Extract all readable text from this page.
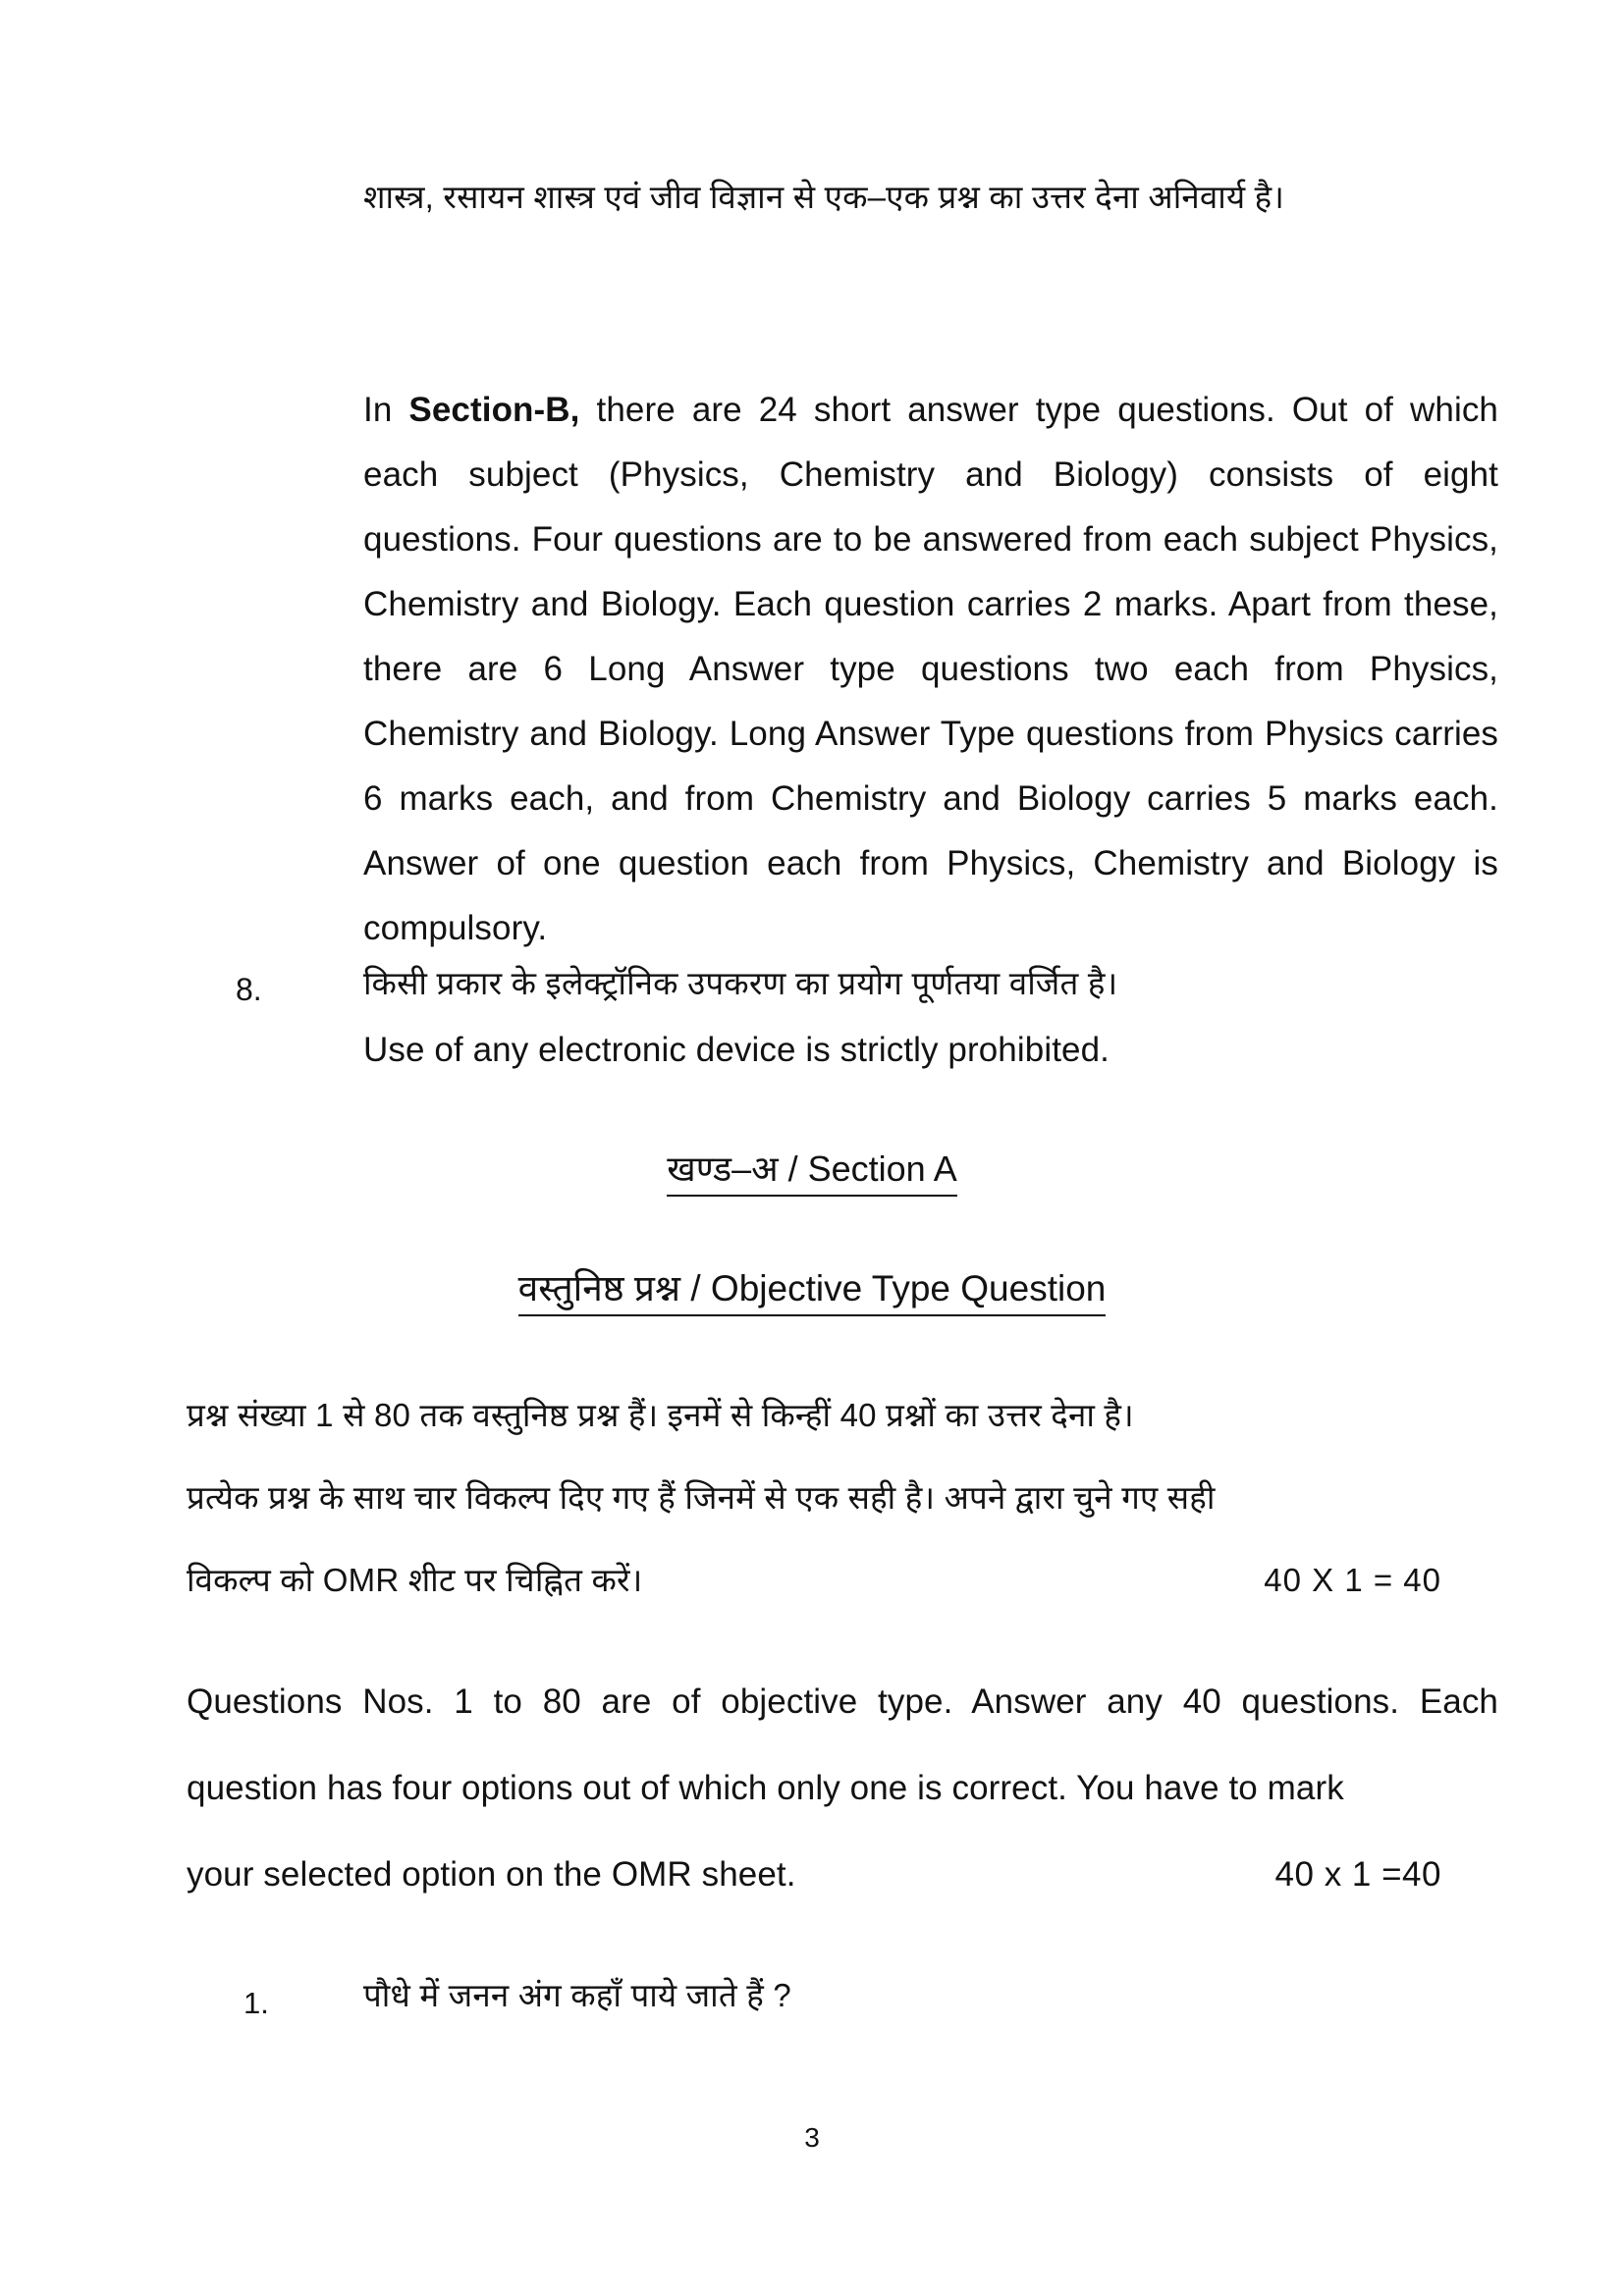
शास्त्र, रसायन शास्त्र एवं जीव विज्ञान से एक–एक प्रश्न का उत्तर देना अनिवार्य है।
In Section-B, there are 24 short answer type questions. Out of which each subject (Physics, Chemistry and Biology) consists of eight questions. Four questions are to be answered from each subject Physics, Chemistry and Biology. Each question carries 2 marks. Apart from these, there are 6 Long Answer type questions two each from Physics, Chemistry and Biology. Long Answer Type questions from Physics carries 6 marks each, and from Chemistry and Biology carries 5 marks each. Answer of one question each from Physics, Chemistry and Biology is compulsory.
8.	किसी प्रकार के इलेक्ट्रॉनिक उपकरण का प्रयोग पूर्णतया वर्जित है।
Use of any electronic device is strictly prohibited.
खण्ड–अ / Section A
वस्तुनिष्ठ प्रश्न / Objective Type Question
प्रश्न संख्या 1 से 80 तक वस्तुनिष्ठ प्रश्न हैं। इनमें से किन्हीं 40 प्रश्नों का उत्तर देना है।
प्रत्येक प्रश्न के साथ चार विकल्प दिए गए हैं जिनमें से एक सही है। अपने द्वारा चुने गए सही
विकल्प को OMR शीट पर चिह्नित करें।	40 X 1 = 40
Questions Nos. 1 to 80 are of objective type. Answer any 40 questions. Each question has four options out of which only one is correct. You have to mark
your selected option on the OMR sheet.	40 x 1 =40
1.	पौधे में जनन अंग कहाँ पाये जाते हैं ?
3
